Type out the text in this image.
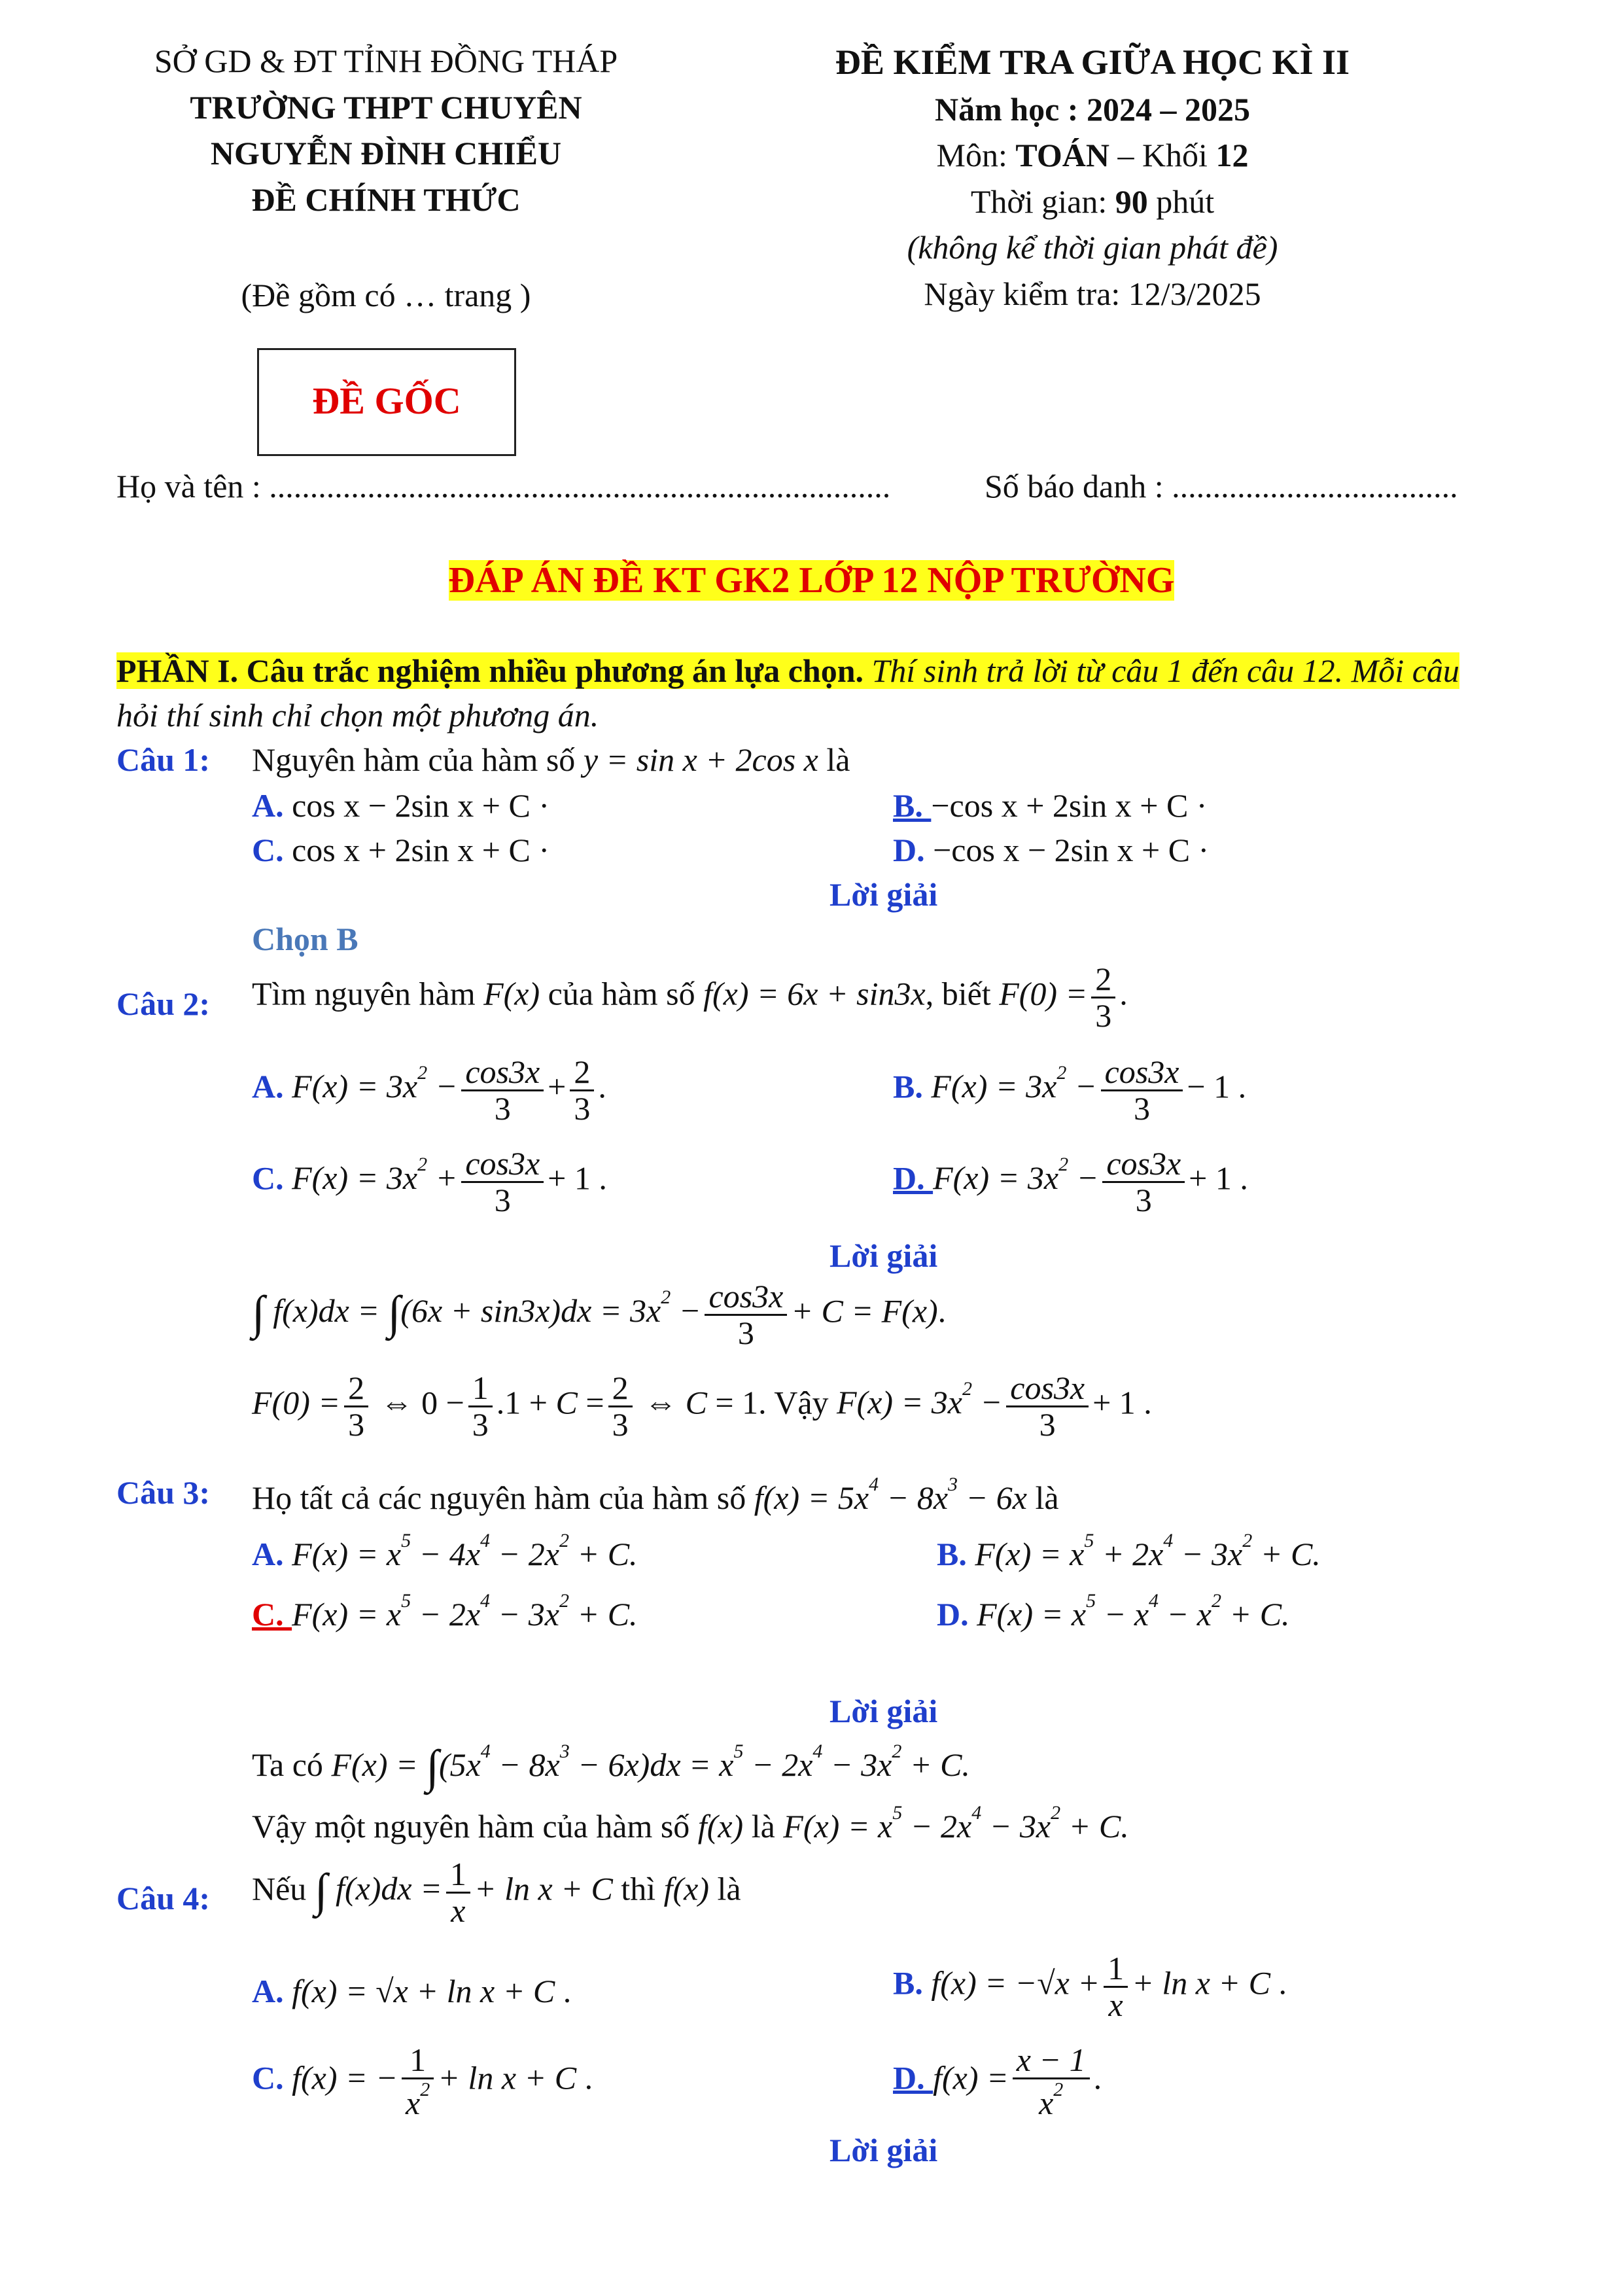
SỞ GD & ĐT TỈNH ĐỒNG THÁP
TRƯỜNG THPT CHUYÊN
NGUYỄN ĐÌNH CHIỂU
ĐỀ CHÍNH THỨC
(Đề gồm có … trang )
ĐỀ KIỂM TRA GIỮA HỌC KÌ II
Năm học : 2024 – 2025
Môn: TOÁN – Khối 12
Thời gian: 90 phút
(không kể thời gian phát đề)
Ngày kiểm tra: 12/3/2025
ĐỀ GỐC
Họ và tên : ............................................................................	Số báo danh : ...................................
ĐÁP ÁN ĐỀ KT GK2 LỚP 12 NỘP TRƯỜNG
PHẦN I. Câu trắc nghiệm nhiều phương án lựa chọn. Thí sinh trả lời từ câu 1 đến câu 12. Mỗi câu
hỏi thí sinh chỉ chọn một phương án.
Câu 1: Nguyên hàm của hàm số y = sin x + 2cos x là
A. cos x − 2sin x + C ·	B. −cos x + 2sin x + C ·
C. cos x + 2sin x + C ·	D. −cos x − 2sin x + C ·
Lời giải
Chọn B
Câu 2: Tìm nguyên hàm F(x) của hàm số f(x) = 6x + sin3x, biết $F(0) = \frac{2}{3}$ .
A. $F(x) = 3x^2 - \frac{\cos 3x}{3} + \frac{2}{3}$ .	B. $F(x) = 3x^2 - \frac{\cos 3x}{3} - 1$ .
C. $F(x) = 3x^2 + \frac{\cos 3x}{3} + 1$ .	D. $F(x) = 3x^2 - \frac{\cos 3x}{3} + 1$ .
Lời giải
∫ $f(x)dx = \int(6x + \sin 3x)dx = 3x^2 - \frac{\cos 3x}{3} + C = F(x)$.
$F(0) = \frac{2}{3}$ ⇔ $0 - \frac{1}{3} .1 + C = \frac{2}{3}$ ⇔ C = 1. Vậy $F(x) = 3x^2 - \frac{\cos 3x}{3} + 1$ .
Câu 3: Họ tất cả các nguyên hàm của hàm số $f(x) = 5x^4 - 8x^3 - 6x$ là
A. $F(x) = x^5 - 4x^4 - 2x^2 + C$.	B. $F(x) = x^5 + 2x^4 - 3x^2 + C$.
C. $F(x) = x^5 - 2x^4 - 3x^2 + C$.	D. $F(x) = x^5 - x^4 - x^2 + C$.
Lời giải
Ta có $F(x) = \int(5x^4 - 8x^3 - 6x)dx = x^5 - 2x^4 - 3x^2 + C$.
Vậy một nguyên hàm của hàm số f(x) là $F(x) = x^5 - 2x^4 - 3x^2 + C$.
Câu 4: Nếu ∫ $f(x)dx = \frac{1}{x} + \ln x + C$ thì f(x) là
A. f(x) = √x + ln x + C .	B. $f(x) = -√x + \frac{1}{x} + \ln x + C$ .
C. f(x) = − $\frac{1}{x^2} + \ln x + C$ .	D. $f(x) = \frac{x - 1}{x^2}$ .
Lời giải
